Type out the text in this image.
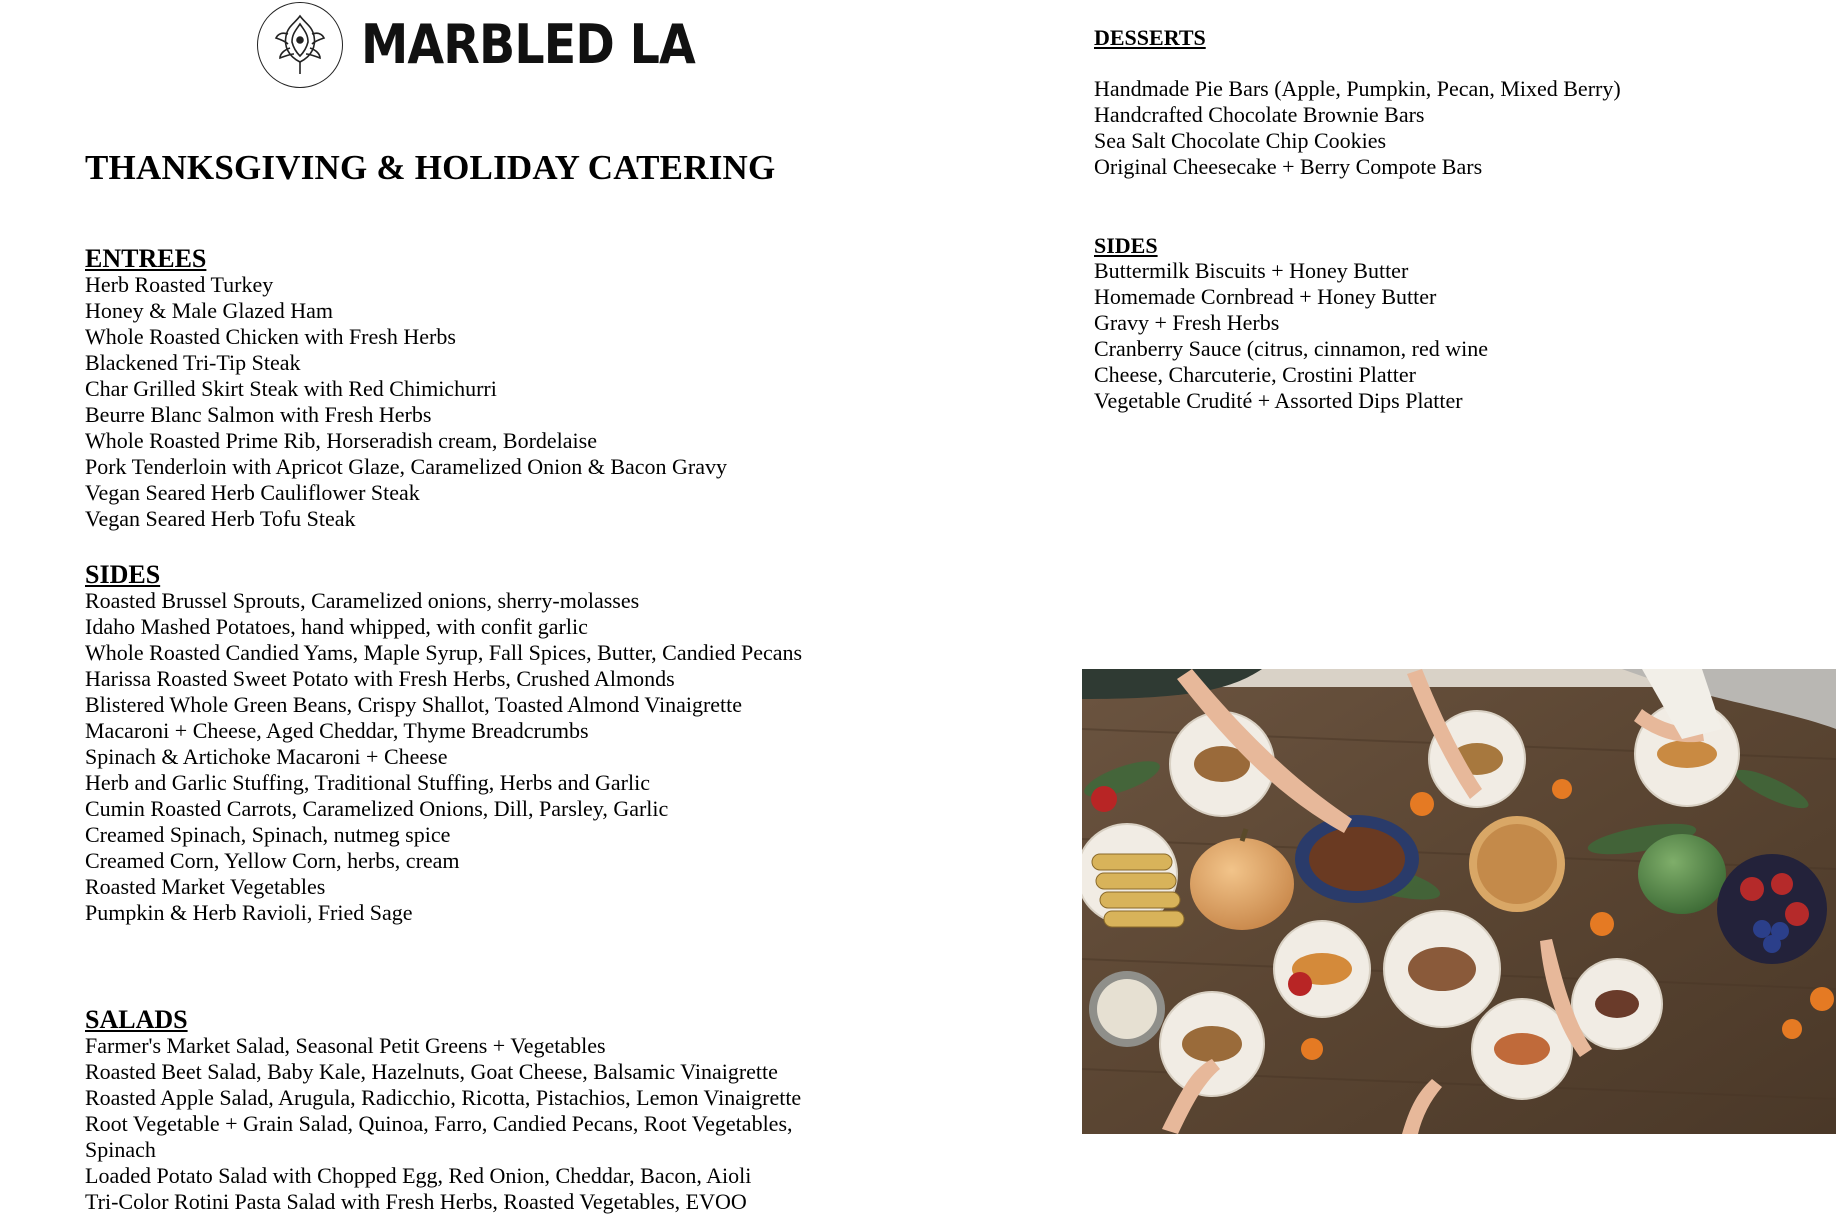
MARBLED LA
THANKSGIVING & HOLIDAY CATERING
ENTREES
Herb Roasted Turkey
Honey & Male Glazed Ham
Whole Roasted Chicken with Fresh Herbs
Blackened Tri-Tip Steak
Char Grilled Skirt Steak with Red Chimichurri
Beurre Blanc Salmon with Fresh Herbs
Whole Roasted Prime Rib, Horseradish cream, Bordelaise
Pork Tenderloin with Apricot Glaze, Caramelized Onion & Bacon Gravy
Vegan Seared Herb Cauliflower Steak
Vegan Seared Herb Tofu Steak
SIDES
Roasted Brussel Sprouts, Caramelized onions, sherry-molasses
Idaho Mashed Potatoes, hand whipped, with confit garlic
Whole Roasted Candied Yams, Maple Syrup, Fall Spices, Butter, Candied Pecans
Harissa Roasted Sweet Potato with Fresh Herbs, Crushed Almonds
Blistered Whole Green Beans, Crispy Shallot, Toasted Almond Vinaigrette
Macaroni + Cheese, Aged Cheddar, Thyme Breadcrumbs
Spinach & Artichoke Macaroni + Cheese
Herb and Garlic Stuffing, Traditional Stuffing, Herbs and Garlic
Cumin Roasted Carrots, Caramelized Onions, Dill, Parsley, Garlic
Creamed Spinach, Spinach, nutmeg spice
Creamed Corn, Yellow Corn, herbs, cream
Roasted Market Vegetables
Pumpkin & Herb Ravioli, Fried Sage
SALADS
Farmer's Market Salad, Seasonal Petit Greens + Vegetables
Roasted Beet Salad, Baby Kale, Hazelnuts, Goat Cheese, Balsamic Vinaigrette
Roasted Apple Salad, Arugula, Radicchio, Ricotta, Pistachios, Lemon Vinaigrette
Root Vegetable + Grain Salad, Quinoa, Farro, Candied Pecans, Root Vegetables,
Spinach
Loaded Potato Salad with Chopped Egg, Red Onion, Cheddar, Bacon, Aioli
Tri-Color Rotini Pasta Salad with Fresh Herbs, Roasted Vegetables, EVOO
DESSERTS
Handmade Pie Bars (Apple, Pumpkin, Pecan, Mixed Berry)
Handcrafted Chocolate Brownie Bars
Sea Salt Chocolate Chip Cookies
Original Cheesecake + Berry Compote Bars
SIDES
Buttermilk Biscuits + Honey Butter
Homemade Cornbread + Honey Butter
Gravy + Fresh Herbs
Cranberry Sauce (citrus, cinnamon, red wine
Cheese, Charcuterie, Crostini Platter
Vegetable Crudité + Assorted Dips Platter
